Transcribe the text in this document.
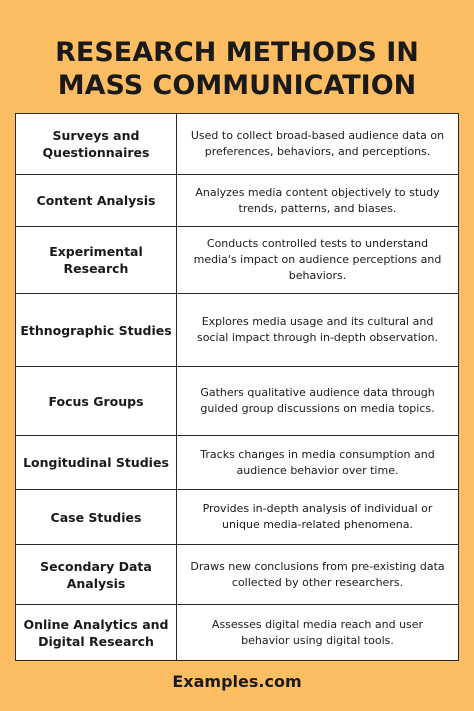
RESEARCH METHODS IN
MASS COMMUNICATION
Surveys and Questionnaires	Used to collect broad-based audience data on preferences, behaviors, and perceptions.
Content Analysis	Analyzes media content objectively to study trends, patterns, and biases.
Experimental Research	Conducts controlled tests to understand media's impact on audience perceptions and behaviors.
Ethnographic Studies	Explores media usage and its cultural and social impact through in-depth observation.
Focus Groups	Gathers qualitative audience data through guided group discussions on media topics.
Longitudinal Studies	Tracks changes in media consumption and audience behavior over time.
Case Studies	Provides in-depth analysis of individual or unique media-related phenomena.
Secondary Data Analysis	Draws new conclusions from pre-existing data collected by other researchers.
Online Analytics and Digital Research	Assesses digital media reach and user behavior using digital tools.
Examples.com
